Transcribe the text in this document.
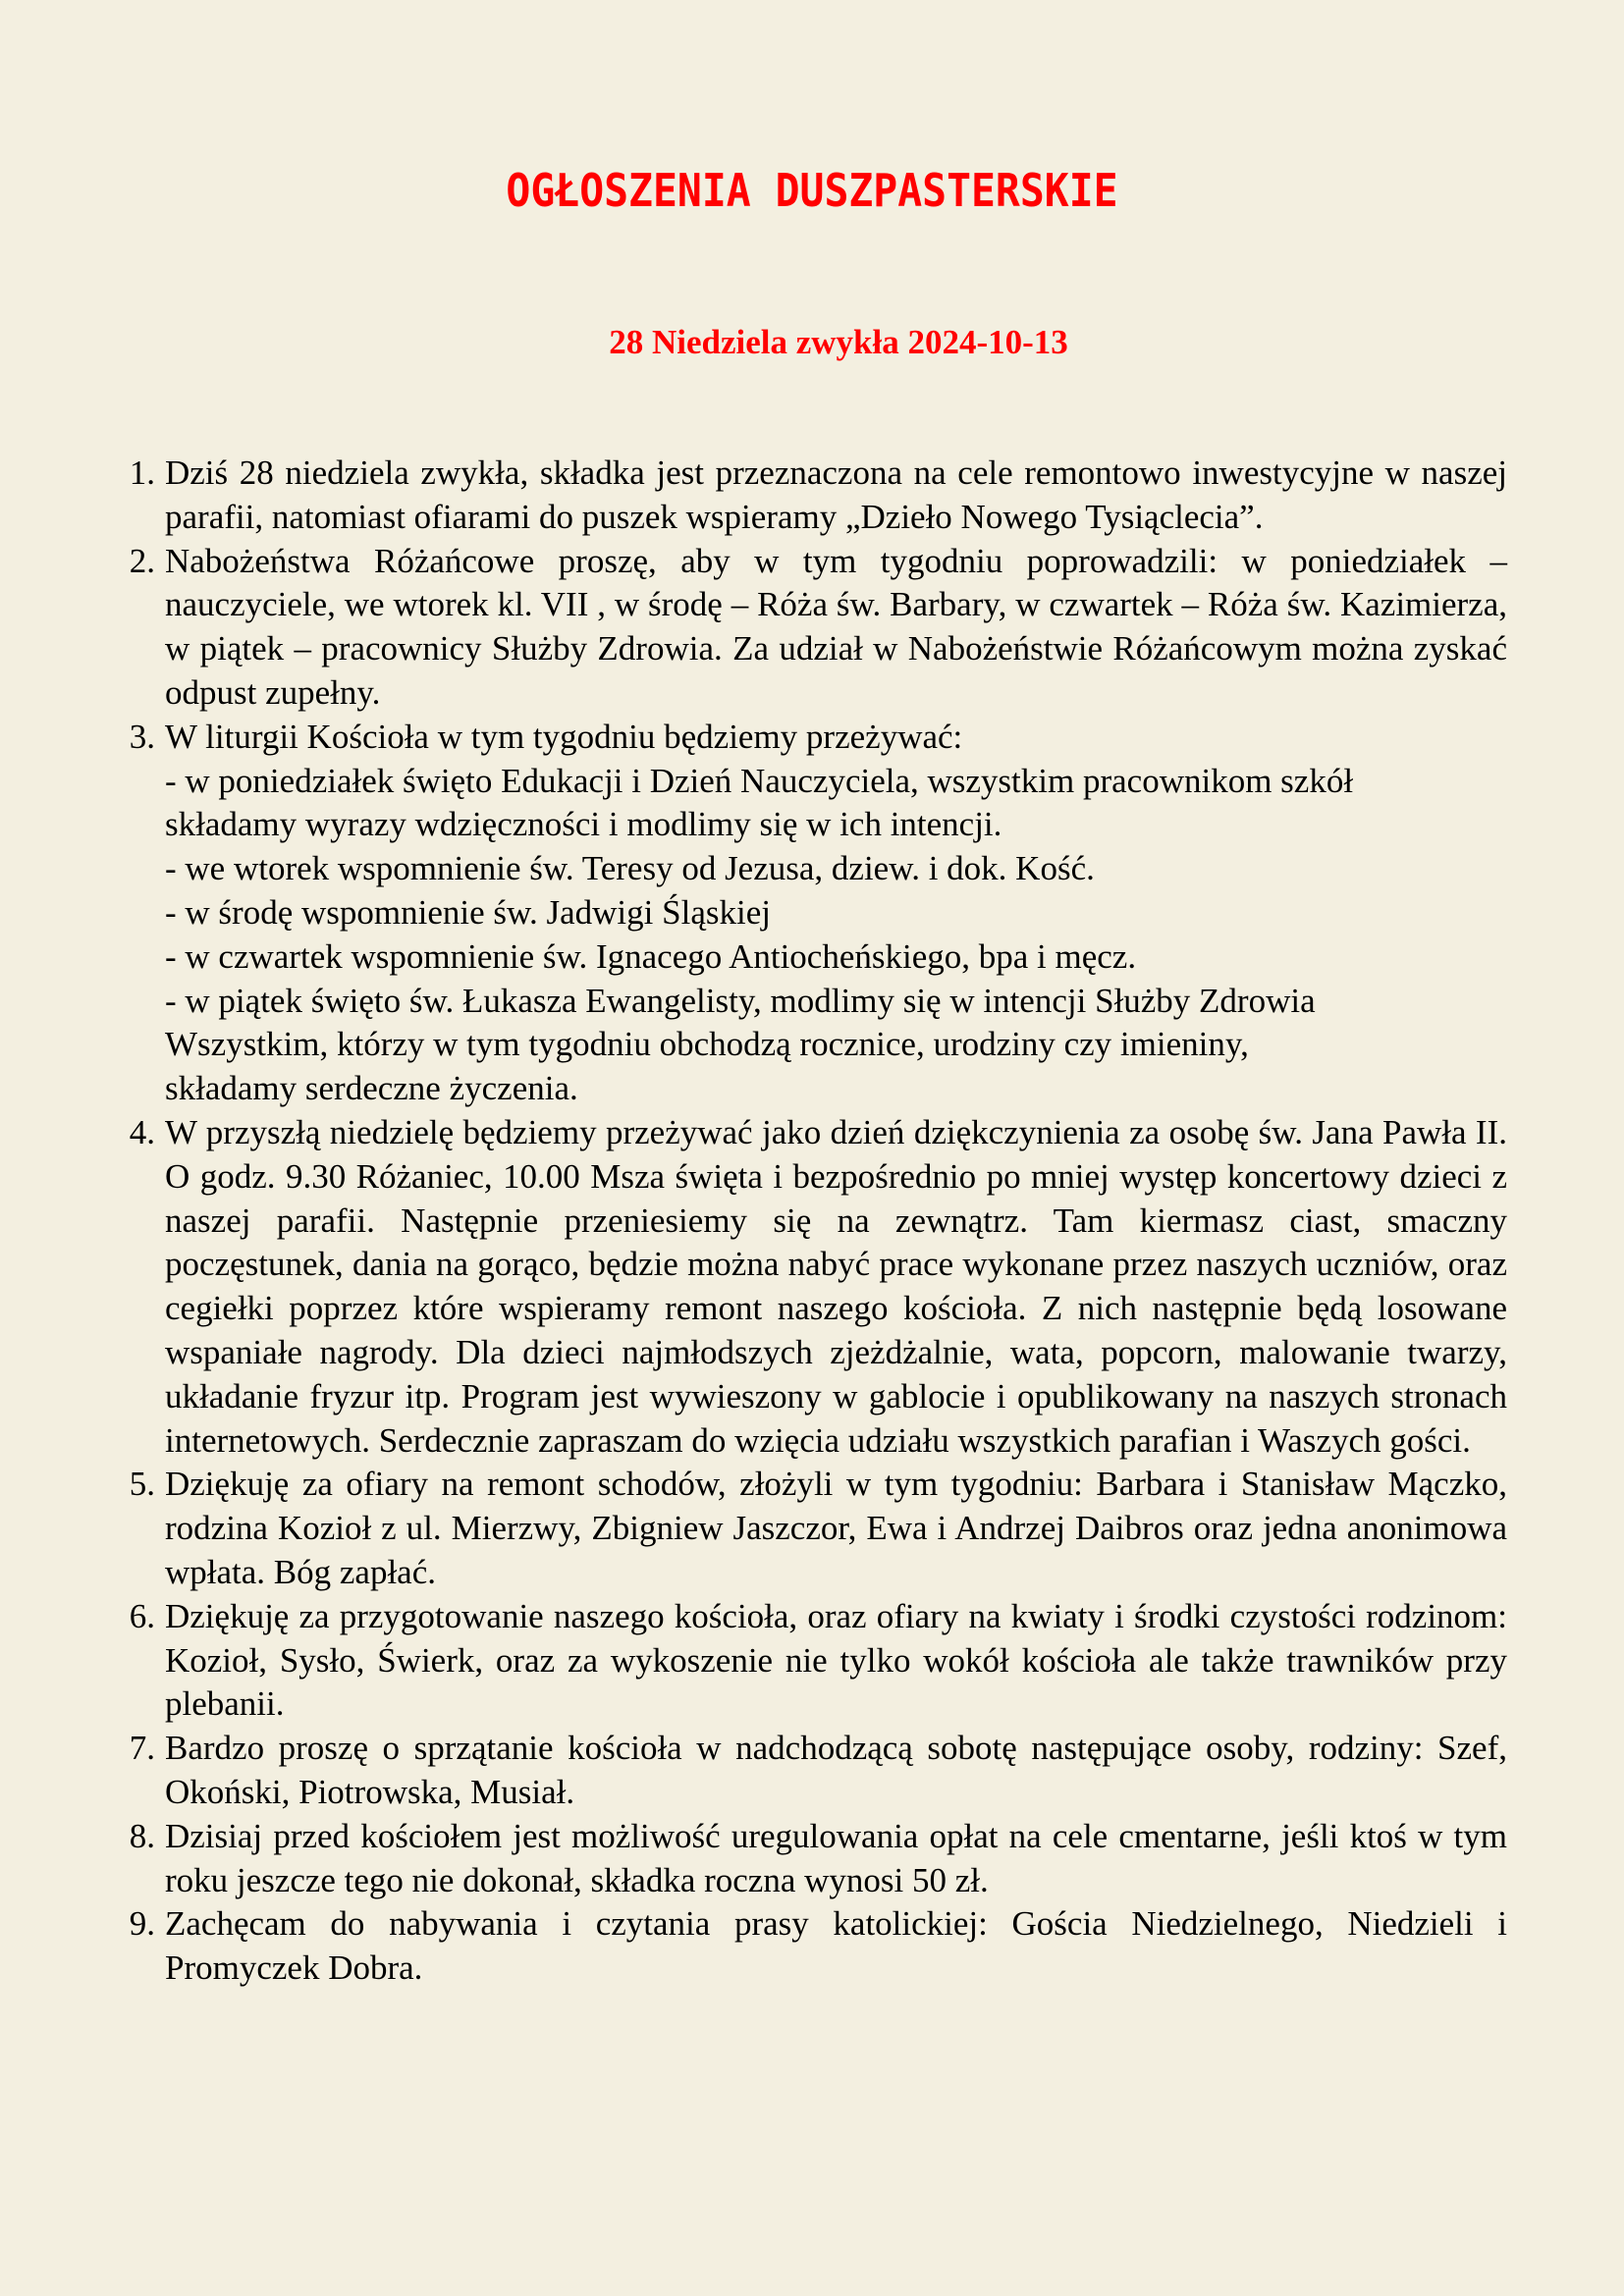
OGŁOSZENIA DUSZPASTERSKIE
28 Niedziela zwykła 2024-10-13
1. Dziś 28 niedziela zwykła, składka jest przeznaczona na cele remontowo inwestycyjne w naszej parafii, natomiast ofiarami do puszek wspieramy „Dzieło Nowego Tysiąclecia”.
2. Nabożeństwa Różańcowe proszę, aby w tym tygodniu poprowadzili: w poniedziałek – nauczyciele, we wtorek kl. VII , w środę – Róża św. Barbary, w czwartek – Róża św. Kazimierza, w piątek – pracownicy Służby Zdrowia. Za udział w Nabożeństwie Różańcowym można zyskać odpust zupełny.
3. W liturgii Kościoła w tym tygodniu będziemy przeżywać:
- w poniedziałek święto Edukacji i Dzień Nauczyciela, wszystkim pracownikom szkół
składamy wyrazy wdzięczności i modlimy się w ich intencji.
- we wtorek wspomnienie św. Teresy od Jezusa, dziew. i dok. Kość.
- w środę wspomnienie św. Jadwigi Śląskiej
- w czwartek wspomnienie św. Ignacego Antiocheńskiego, bpa i męcz.
- w piątek święto św. Łukasza Ewangelisty, modlimy się w intencji Służby Zdrowia
Wszystkim, którzy w tym tygodniu obchodzą rocznice, urodziny czy imieniny,
składamy serdeczne życzenia.
4. W przyszłą niedzielę będziemy przeżywać jako dzień dziękczynienia za osobę św. Jana Pawła II. O godz. 9.30 Różaniec, 10.00 Msza święta i bezpośrednio po mniej występ koncertowy dzieci z naszej parafii. Następnie przeniesiemy się na zewnątrz. Tam kiermasz ciast, smaczny poczęstunek, dania na gorąco, będzie można nabyć prace wykonane przez naszych uczniów, oraz cegiełki poprzez które wspieramy remont naszego kościoła. Z nich następnie będą losowane wspaniałe nagrody. Dla dzieci najmłodszych zjeżdżalnie, wata, popcorn, malowanie twarzy, układanie fryzur itp. Program jest wywieszony w gablocie i opublikowany na naszych stronach internetowych. Serdecznie zapraszam do wzięcia udziału wszystkich parafian i Waszych gości.
5. Dziękuję za ofiary na remont schodów, złożyli w tym tygodniu: Barbara i Stanisław Mączko, rodzina Kozioł z ul. Mierzwy, Zbigniew Jaszczor, Ewa i Andrzej Daibros oraz jedna anonimowa wpłata. Bóg zapłać.
6. Dziękuję za przygotowanie naszego kościoła, oraz ofiary na kwiaty i środki czystości rodzinom: Kozioł, Sysło, Świerk, oraz za wykoszenie nie tylko wokół kościoła ale także trawników przy plebanii.
7. Bardzo proszę o sprzątanie kościoła w nadchodzącą sobotę następujące osoby, rodziny: Szef, Okoński, Piotrowska, Musiał.
8. Dzisiaj przed kościołem jest możliwość uregulowania opłat na cele cmentarne, jeśli ktoś w tym roku jeszcze tego nie dokonał, składka roczna wynosi 50 zł.
9. Zachęcam do nabywania i czytania prasy katolickiej: Gościa Niedzielnego, Niedzieli i Promyczek Dobra.
